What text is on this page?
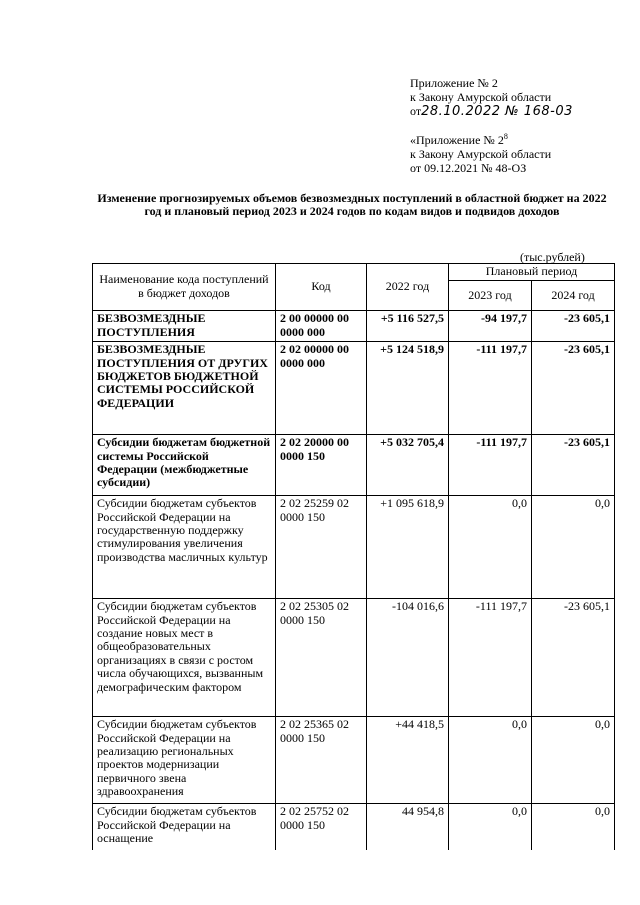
Приложение № 2
к Закону Амурской области
от28.10.2022 № 168-03
«Приложение № $2^8$
к Закону Амурской области
от 09.12.2021 № 48-ОЗ
Изменение прогнозируемых объемов безвозмездных поступлений в областной бюджет на 2022 год и плановый период 2023 и 2024 годов по кодам видов и подвидов доходов
(тыс.рублей)
Наименование кода поступлений в бюджет доходов	Код	2022 год	Плановый период	
			2023 год	2024 год
БЕЗВОЗМЕЗДНЫЕ ПОСТУПЛЕНИЯ	2 00 00000 00 0000 000	+5 116 527,5	-94 197,7	-23 605,1
БЕЗВОЗМЕЗДНЫЕ ПОСТУПЛЕНИЯ ОТ ДРУГИХ БЮДЖЕТОВ БЮДЖЕТНОЙ СИСТЕМЫ РОССИЙСКОЙ ФЕДЕРАЦИИ	2 02 00000 00 0000 000	+5 124 518,9	-111 197,7	-23 605,1
Субсидии бюджетам бюджетной системы Российской Федерации (межбюджетные субсидии)	2 02 20000 00 0000 150	+5 032 705,4	-111 197,7	-23 605,1
Субсидии бюджетам субъектов Российской Федерации на государственную поддержку стимулирования увеличения производства масличных культур	2 02 25259 02 0000 150	+1 095 618,9	0,0	0,0
Субсидии бюджетам субъектов Российской Федерации на создание новых мест в общеобразовательных организациях в связи с ростом числа обучающихся, вызванным демографическим фактором	2 02 25305 02 0000 150	-104 016,6	-111 197,7	-23 605,1
Субсидии бюджетам субъектов Российской Федерации на реализацию региональных проектов модернизации первичного звена здравоохранения	2 02 25365 02 0000 150	+44 418,5	0,0	0,0
Субсидии бюджетам субъектов Российской Федерации на оснащение	2 02 25752 02 0000 150	44 954,8	0,0	0,0
